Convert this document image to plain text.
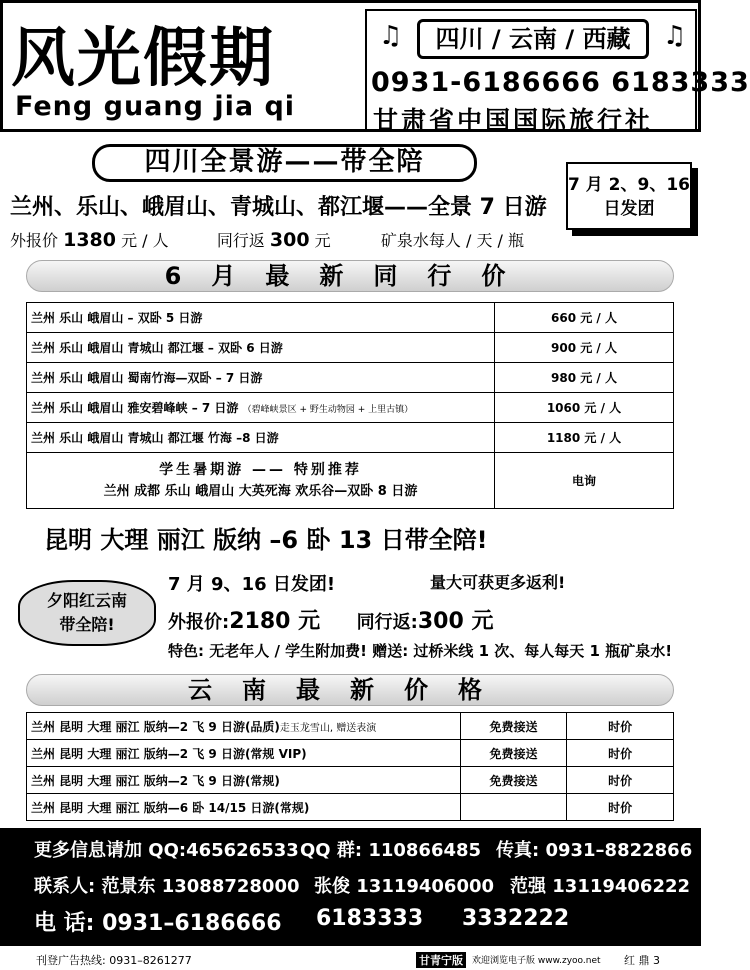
风光假期
Feng guang jia qi
♫	四川 / 云南 / 西藏	♫
0931-6186666 6183333
甘肃省中国国际旅行社
四川全景游——带全陪
7 月 2、9、16
日发团
兰州、乐山、峨眉山、青城山、都江堰——全景 7 日游
外报价 1380 元 / 人	同行返 300 元	矿泉水每人 / 天 / 瓶
6月最新同行价
兰州 乐山 峨眉山 – 双卧 5 日游	660 元 / 人
兰州 乐山 峨眉山 青城山 都江堰 – 双卧 6 日游	900 元 / 人
兰州 乐山 峨眉山 蜀南竹海—双卧 – 7 日游	980 元 / 人
兰州 乐山 峨眉山 雅安碧峰峡 – 7 日游 （碧峰峡景区 + 野生动物园 + 上里古镇）	1060 元 / 人
兰州 乐山 峨眉山 青城山 都江堰 竹海 –8 日游	1180 元 / 人

学生暑期游 —— 特别推荐
兰州 成都 乐山 峨眉山 大英死海 欢乐谷—双卧 8 日游	电询
昆明 大理 丽江 版纳 –6 卧 13 日带全陪!
夕阳红云南
带全陪!
7 月 9、16 日发团!	量大可获更多返利!
外报价:2180 元 同行返:300 元
特色: 无老年人 / 学生附加费! 赠送: 过桥米线 1 次、每人每天 1 瓶矿泉水!
云南最新价格
兰州 昆明 大理 丽江 版纳—2 飞 9 日游(品质)走玉龙雪山, 赠送表演	免费接送	时价
兰州 昆明 大理 丽江 版纳—2 飞 9 日游(常规 VIP)	免费接送	时价
兰州 昆明 大理 丽江 版纳—2 飞 9 日游(常规)	免费接送	时价
兰州 昆明 大理 丽江 版纳—6 卧 14/15 日游(常规)		时价
更多信息请加 QQ:465626533 QQ 群: 110866485 传真: 0931–8822866
联系人: 范景东 13088728000 张俊 13119406000 范强 13119406222
电 话: 0931–6186666 6183333 3332222
刊登广告热线: 0931–8261277	甘青宁版	欢迎浏览电子版 www.zyoo.net 红 鼎 3
